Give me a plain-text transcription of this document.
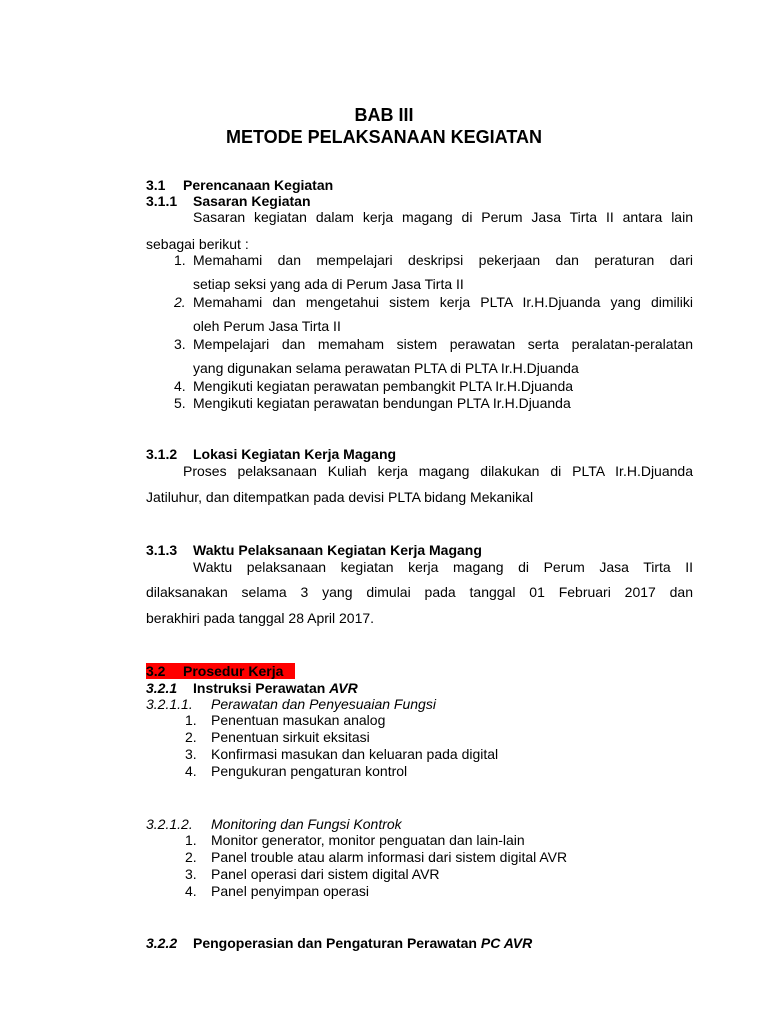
BAB III
METODE PELAKSANAAN KEGIATAN
3.1 Perencanaan Kegiatan
3.1.1 Sasaran Kegiatan
Sasaran kegiatan dalam kerja magang di Perum Jasa Tirta II antara lain
sebagai berikut :
1. Memahami dan mempelajari deskripsi pekerjaan dan peraturan dari
setiap seksi yang ada di Perum Jasa Tirta II
2. Memahami dan mengetahui sistem kerja PLTA Ir.H.Djuanda yang dimiliki
oleh Perum Jasa Tirta II
3. Mempelajari dan memaham sistem perawatan serta peralatan-peralatan
yang digunakan selama perawatan PLTA di PLTA Ir.H.Djuanda
4. Mengikuti kegiatan perawatan pembangkit PLTA Ir.H.Djuanda
5. Mengikuti kegiatan perawatan bendungan PLTA Ir.H.Djuanda
3.1.2 Lokasi Kegiatan Kerja Magang
Proses pelaksanaan Kuliah kerja magang dilakukan di PLTA Ir.H.Djuanda
Jatiluhur, dan ditempatkan pada devisi PLTA bidang Mekanikal
3.1.3 Waktu Pelaksanaan Kegiatan Kerja Magang
Waktu pelaksanaan kegiatan kerja magang di Perum Jasa Tirta II
dilaksanakan selama 3 yang dimulai pada tanggal 01 Februari 2017 dan
berakhiri pada tanggal 28 April 2017.
3.2 Prosedur Kerja
3.2.1 Instruksi Perawatan AVR
3.2.1.1. Perawatan dan Penyesuaian Fungsi
1. Penentuan masukan analog
2. Penentuan sirkuit eksitasi
3. Konfirmasi masukan dan keluaran pada digital
4. Pengukuran pengaturan kontrol
3.2.1.2. Monitoring dan Fungsi Kontrok
1. Monitor generator, monitor penguatan dan lain-lain
2. Panel trouble atau alarm informasi dari sistem digital AVR
3. Panel operasi dari sistem digital AVR
4. Panel penyimpan operasi
3.2.2 Pengoperasian dan Pengaturan Perawatan PC AVR
